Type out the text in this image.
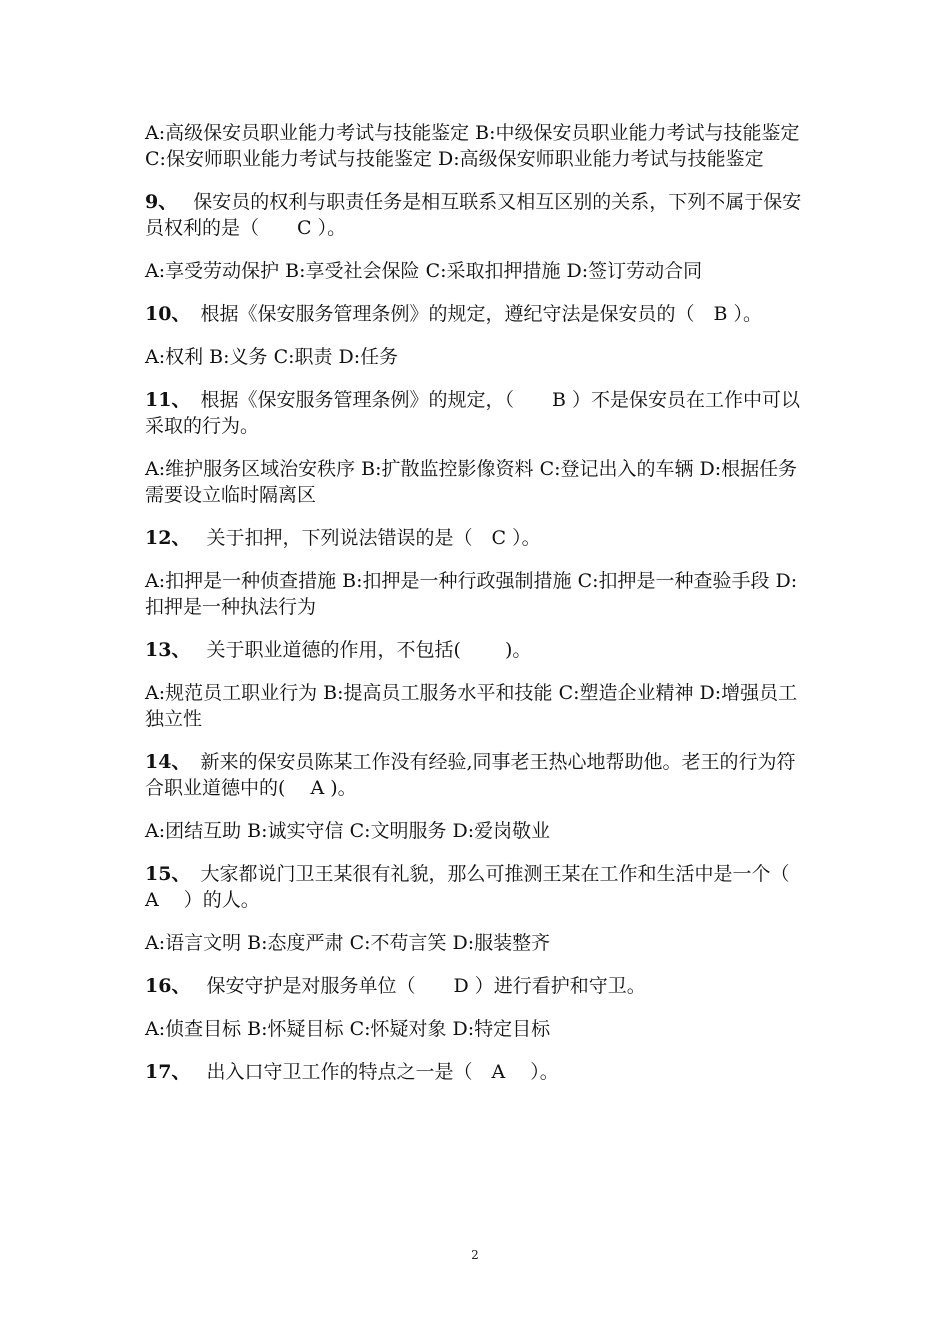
A:高级保安员职业能力考试与技能鉴定 B:中级保安员职业能力考试与技能鉴定 C:保安师职业能力考试与技能鉴定 D:高级保安师职业能力考试与技能鉴定

9、 保安员的权利与职责任务是相互联系又相互区别的关系，下列不属于保安员权利的是（　　C ）。

A:享受劳动保护 B:享受社会保险 C:采取扣押措施 D:签订劳动合同

10、 根据《保安服务管理条例》的规定，遵纪守法是保安员的（　B ）。

A:权利 B:义务 C:职责 D:任务

11、 根据《保安服务管理条例》的规定，（　　B ）不是保安员在工作中可以采取的行为。

A:维护服务区域治安秩序 B:扩散监控影像资料 C:登记出入的车辆 D:根据任务需要设立临时隔离区

12、 关于扣押，下列说法错误的是（　C ）。

A:扣押是一种侦查措施 B:扣押是一种行政强制措施 C:扣押是一种查验手段 D:扣押是一种执法行为

13、 关于职业道德的作用，不包括(　　 )。

A:规范员工职业行为 B:提高员工服务水平和技能 C:塑造企业精神 D:增强员工独立性

14、 新来的保安员陈某工作没有经验,同事老王热心地帮助他。老王的行为符合职业道德中的(　 A )。

A:团结互助 B:诚实守信 C:文明服务 D:爱岗敬业

15、 大家都说门卫王某很有礼貌，那么可推测王某在工作和生活中是一个（　A　 ）的人。

A:语言文明 B:态度严肃 C:不苟言笑 D:服装整齐

16、 保安守护是对服务单位（　　D ）进行看护和守卫。

A:侦查目标 B:怀疑目标 C:怀疑对象 D:特定目标

17、 出入口守卫工作的特点之一是（　A　 ）。

2
